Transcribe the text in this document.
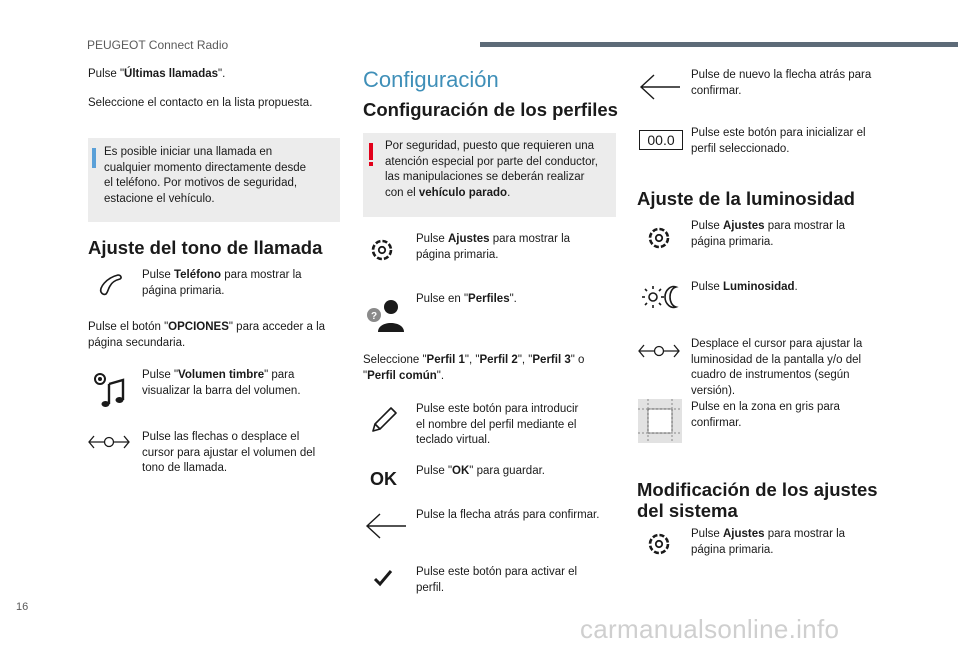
PEUGEOT Connect Radio
Pulse "Últimas llamadas".
Seleccione el contacto en la lista propuesta.
Es posible iniciar una llamada en
cualquier momento directamente desde
el teléfono. Por motivos de seguridad,
estacione el vehículo.
Ajuste del tono de llamada
Pulse Teléfono para mostrar la
página primaria.
Pulse el botón "OPCIONES" para acceder a la
página secundaria.
Pulse "Volumen timbre" para
visualizar la barra del volumen.
Pulse las flechas o desplace el
cursor para ajustar el volumen del
tono de llamada.
Configuración
Configuración de los perfiles
Por seguridad, puesto que requieren una
atención especial por parte del conductor,
las manipulaciones se deberán realizar
con el vehículo parado.
Pulse Ajustes para mostrar la
página primaria.
?
Pulse en "Perfiles".
Seleccione "Perfil 1", "Perfil 2", "Perfil 3" o
"Perfil común".
Pulse este botón para introducir
el nombre del perfil mediante el
teclado virtual.
OK Pulse "OK" para guardar.
Pulse la flecha atrás para confirmar.
Pulse este botón para activar el
perfil.
Pulse de nuevo la flecha atrás para
confirmar.
00.0	Pulse este botón para inicializar el
perfil seleccionado.
Ajuste de la luminosidad
Pulse Ajustes para mostrar la
página primaria.
Pulse Luminosidad.
Desplace el cursor para ajustar la
luminosidad de la pantalla y/o del
cuadro de instrumentos (según
versión).
Pulse en la zona en gris para
confirmar.
Modificación de los ajustes
del sistema
Pulse Ajustes para mostrar la
página primaria.
16
carmanualsonline.info
